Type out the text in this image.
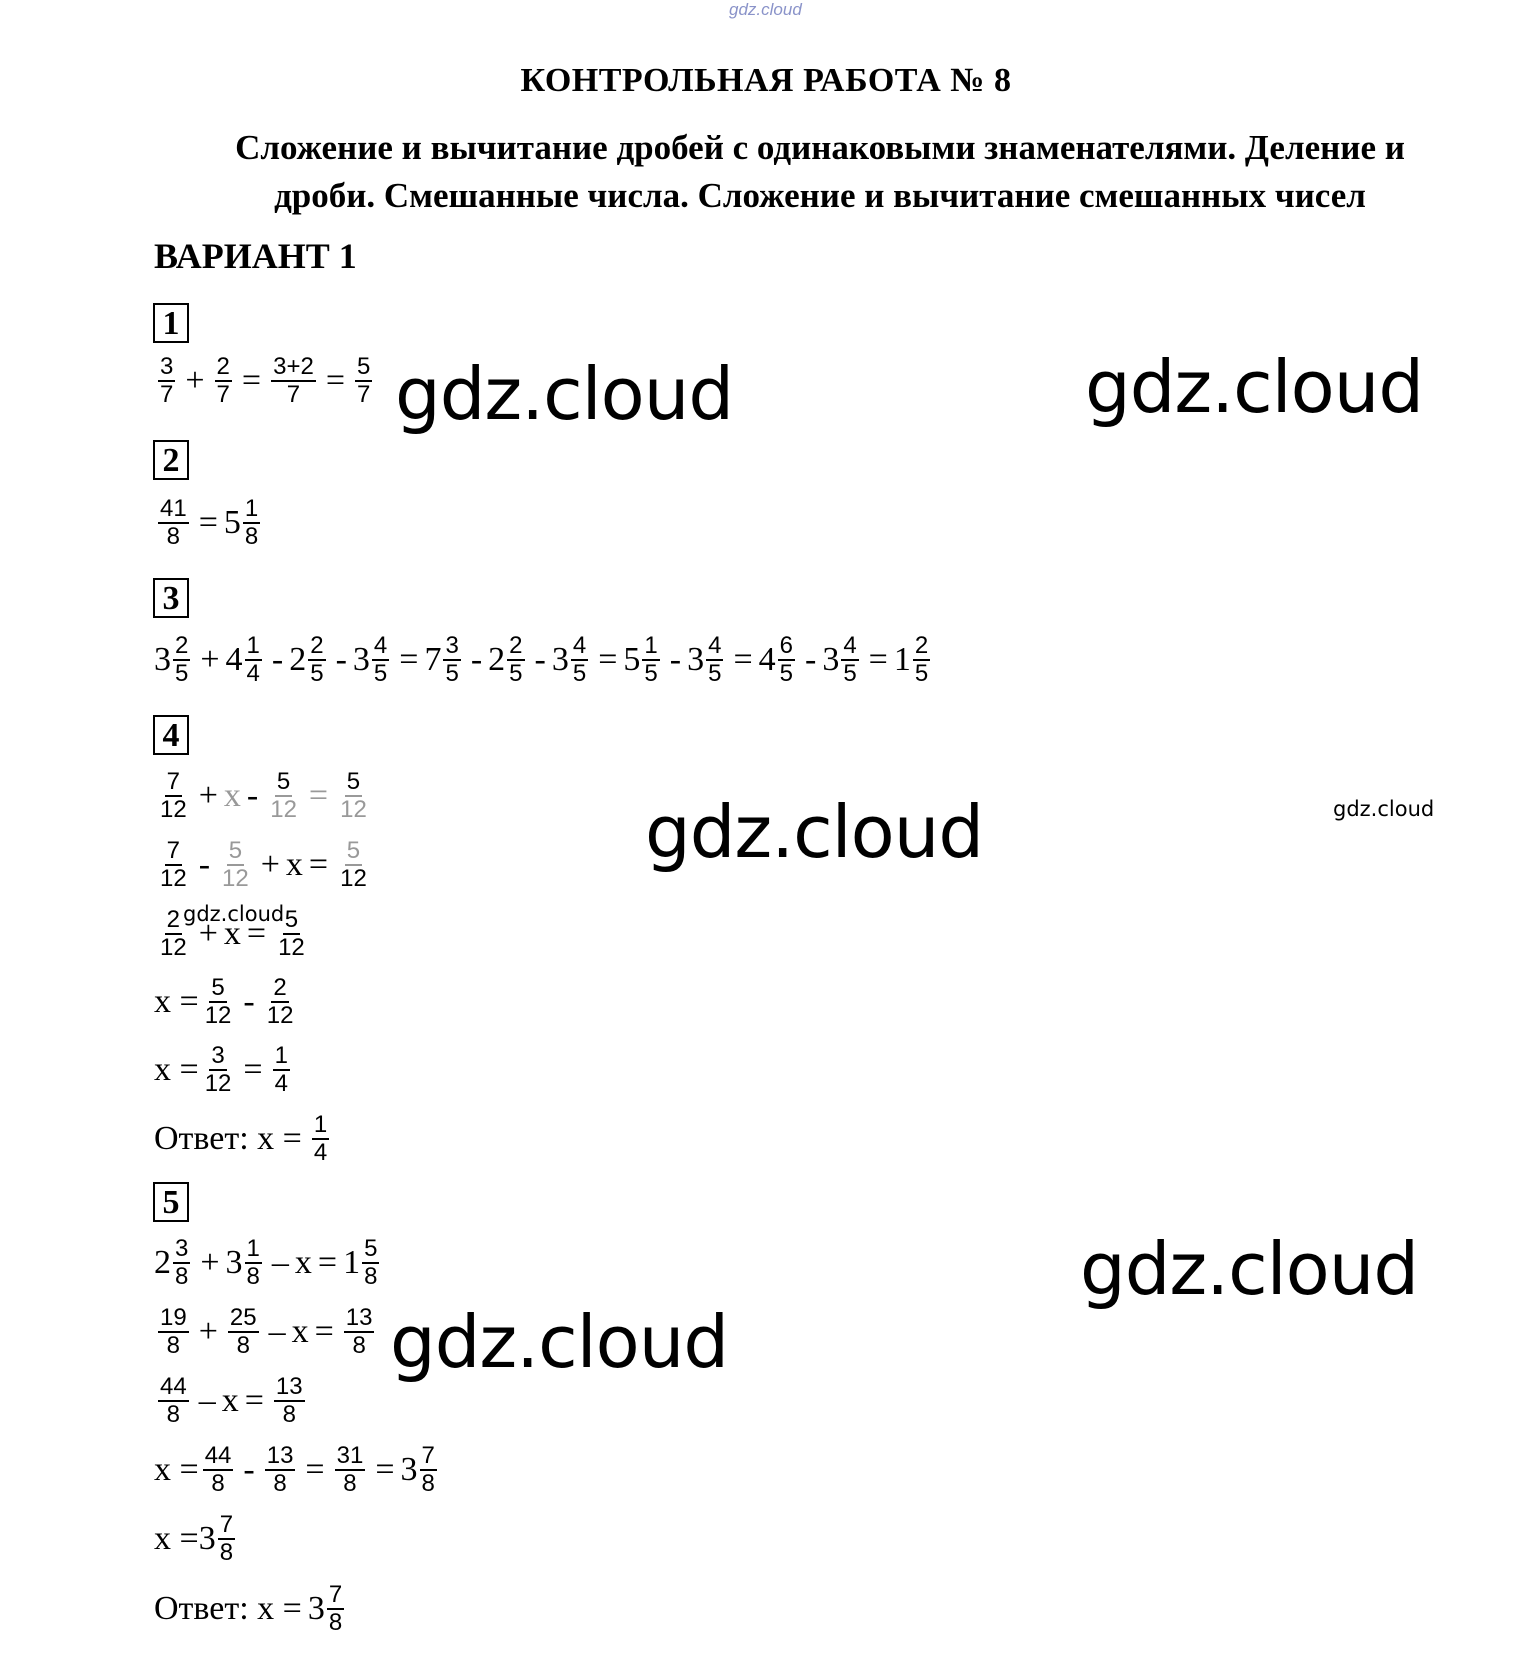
gdz.cloud
КОНТРОЛЬНАЯ РАБОТА № 8
Сложение и вычитание дробей с одинаковыми знаменателями. Деление и
дроби. Смешанные числа. Сложение и вычитание смешанных чисел
ВАРИАНТ 1
1
$\frac{3}{7} + \frac{2}{7} = \frac{3+2}{7} = \frac{5}{7}$
2
$\frac{41}{8} = 5 \frac{1}{8}$
3
$3 \frac{2}{5} + 4 \frac{1}{4} - 2 \frac{2}{5} - 3 \frac{4}{5} = 7 \frac{3}{5} - 2 \frac{2}{5} - 3 \frac{4}{5} = 5 \frac{1}{5} - 3 \frac{4}{5} = 4 \frac{6}{5} - 3 \frac{4}{5} = 1 \frac{2}{5}$
4
$\frac{7}{12} + x - \frac{5}{12} = \frac{5}{12}$
$\frac{7}{12} - \frac{5}{12} + x = \frac{5}{12}$
$\frac{2}{12} + x = \frac{5}{12}$
$x = \frac{5}{12} - \frac{2}{12}$
$x = \frac{3}{12} = \frac{1}{4}$
Ответ: $x = \frac{1}{4}$
5
$2 \frac{3}{8} + 3 \frac{1}{8} - x = 1 \frac{5}{8}$
$\frac{19}{8} + \frac{25}{8} - x = \frac{13}{8}$
$\frac{44}{8} - x = \frac{13}{8}$
$x = \frac{44}{8} - \frac{13}{8} = \frac{31}{8} = 3 \frac{7}{8}$
$x = 3 \frac{7}{8}$
Ответ: $x = 3 \frac{7}{8}$
gdz.cloud	gdz.cloud
gdz.cloud	gdz.cloud
gdz.cloud
gdz.cloud
gdz.cloud
